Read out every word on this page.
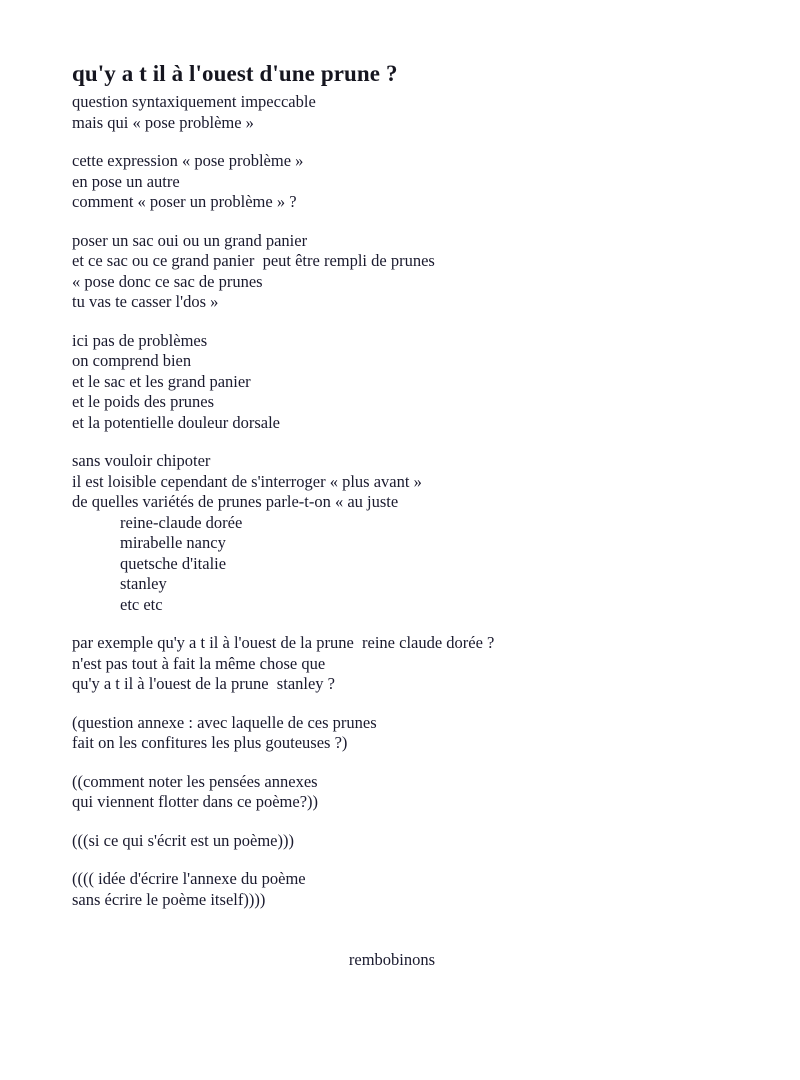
qu'y a t il à l'ouest d'une prune ?
question syntaxiquement impeccable
mais qui « pose problème »
cette expression « pose problème »
en pose un autre
comment « poser un problème » ?
poser un sac oui ou un grand panier
et ce sac ou ce grand panier  peut être rempli de prunes
« pose donc ce sac de prunes
tu vas te casser l'dos »
ici pas de problèmes
on comprend bien
et le sac et les grand panier
et le poids des prunes
et la potentielle douleur dorsale
sans vouloir chipoter
il est loisible cependant de s'interroger « plus avant »
de quelles variétés de prunes parle-t-on « au juste
reine-claude dorée
mirabelle nancy
quetsche d'italie
stanley
etc etc
par exemple qu'y a t il à l'ouest de la prune  reine claude dorée ?
n'est pas tout à fait la même chose que
qu'y a t il à l'ouest de la prune  stanley ?
(question annexe : avec laquelle de ces prunes
fait on les confitures les plus gouteuses ?)
((comment noter les pensées annexes
qui viennent flotter dans ce poème?))
(((si ce qui s'écrit est un poème)))
(((( idée d'écrire l'annexe du poème
sans écrire le poème itself))))
rembobinons
